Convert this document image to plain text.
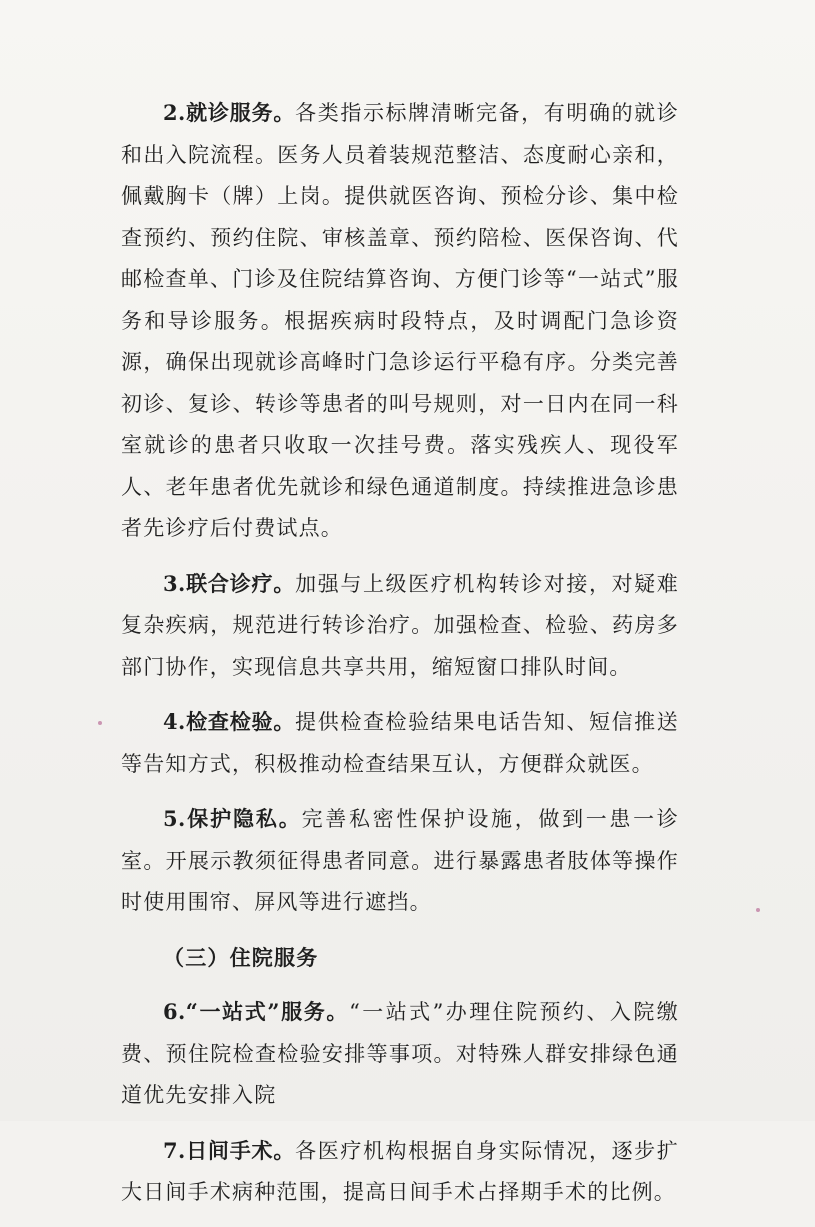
2.就诊服务。各类指示标牌清晰完备，有明确的就诊和出入院流程。医务人员着装规范整洁、态度耐心亲和，佩戴胸卡（牌）上岗。提供就医咨询、预检分诊、集中检查预约、预约住院、审核盖章、预约陪检、医保咨询、代邮检查单、门诊及住院结算咨询、方便门诊等“一站式”服务和导诊服务。根据疾病时段特点，及时调配门急诊资源，确保出现就诊高峰时门急诊运行平稳有序。分类完善初诊、复诊、转诊等患者的叫号规则，对一日内在同一科室就诊的患者只收取一次挂号费。落实残疾人、现役军人、老年患者优先就诊和绿色通道制度。持续推进急诊患者先诊疗后付费试点。

3.联合诊疗。加强与上级医疗机构转诊对接，对疑难复杂疾病，规范进行转诊治疗。加强检查、检验、药房多部门协作，实现信息共享共用，缩短窗口排队时间。

4.检查检验。提供检查检验结果电话告知、短信推送等告知方式，积极推动检查结果互认，方便群众就医。

5.保护隐私。完善私密性保护设施，做到一患一诊室。开展示教须征得患者同意。进行暴露患者肢体等操作时使用围帘、屏风等进行遮挡。

（三）住院服务

6.“一站式”服务。“一站式”办理住院预约、入院缴费、预住院检查检验安排等事项。对特殊人群安排绿色通道优先安排入院

7.日间手术。各医疗机构根据自身实际情况，逐步扩大日间手术病种范围，提高日间手术占择期手术的比例。
